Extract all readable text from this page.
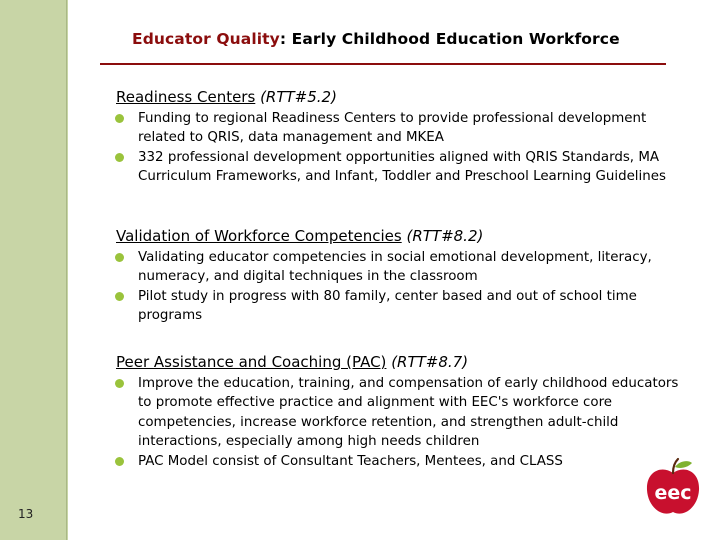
13
Educator Quality: Early Childhood Education Workforce
Readiness Centers (RTT#5.2)
Funding to regional Readiness Centers to provide professional development related to QRIS, data management and MKEA
332 professional development opportunities aligned with QRIS Standards, MA Curriculum Frameworks, and Infant, Toddler and Preschool Learning Guidelines
Validation of Workforce Competencies (RTT#8.2)
Validating educator competencies in social emotional development, literacy, numeracy, and digital techniques in the classroom
Pilot study in progress with 80 family, center based and out of school time programs
Peer Assistance and Coaching (PAC) (RTT#8.7)
Improve the education, training, and compensation of early childhood educators to promote effective practice and alignment with EEC's workforce core competencies, increase workforce retention, and strengthen adult-child interactions, especially among high needs children
PAC Model consist of Consultant Teachers, Mentees, and CLASS
eec
